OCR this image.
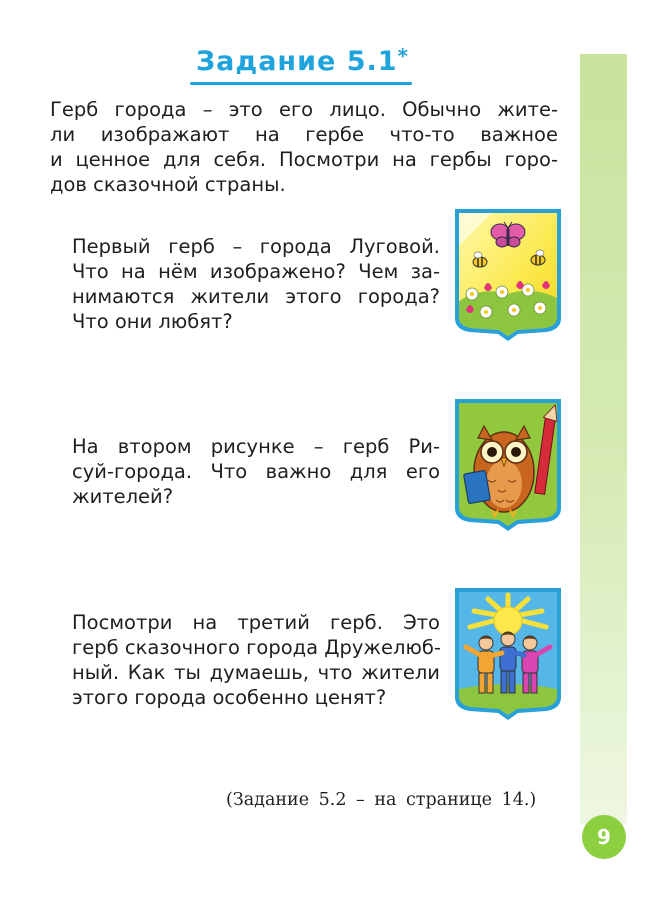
Задание 5.1*
Герб города – это его лицо. Обычно жите-
ли изображают на гербе что-то важное
и ценное для себя. Посмотри на гербы горо-
дов сказочной страны.
Первый герб – города Луговой.
Что на нём изображено? Чем за-
нимаются жители этого города?
Что они любят?
На втором рисунке – герб Ри-
суй-города. Что важно для его
жителей?
Посмотри на третий герб. Это
герб сказочного города Дружелюб-
ный. Как ты думаешь, что жители
этого города особенно ценят?
(Задание 5.2 – на странице 14.)
9
